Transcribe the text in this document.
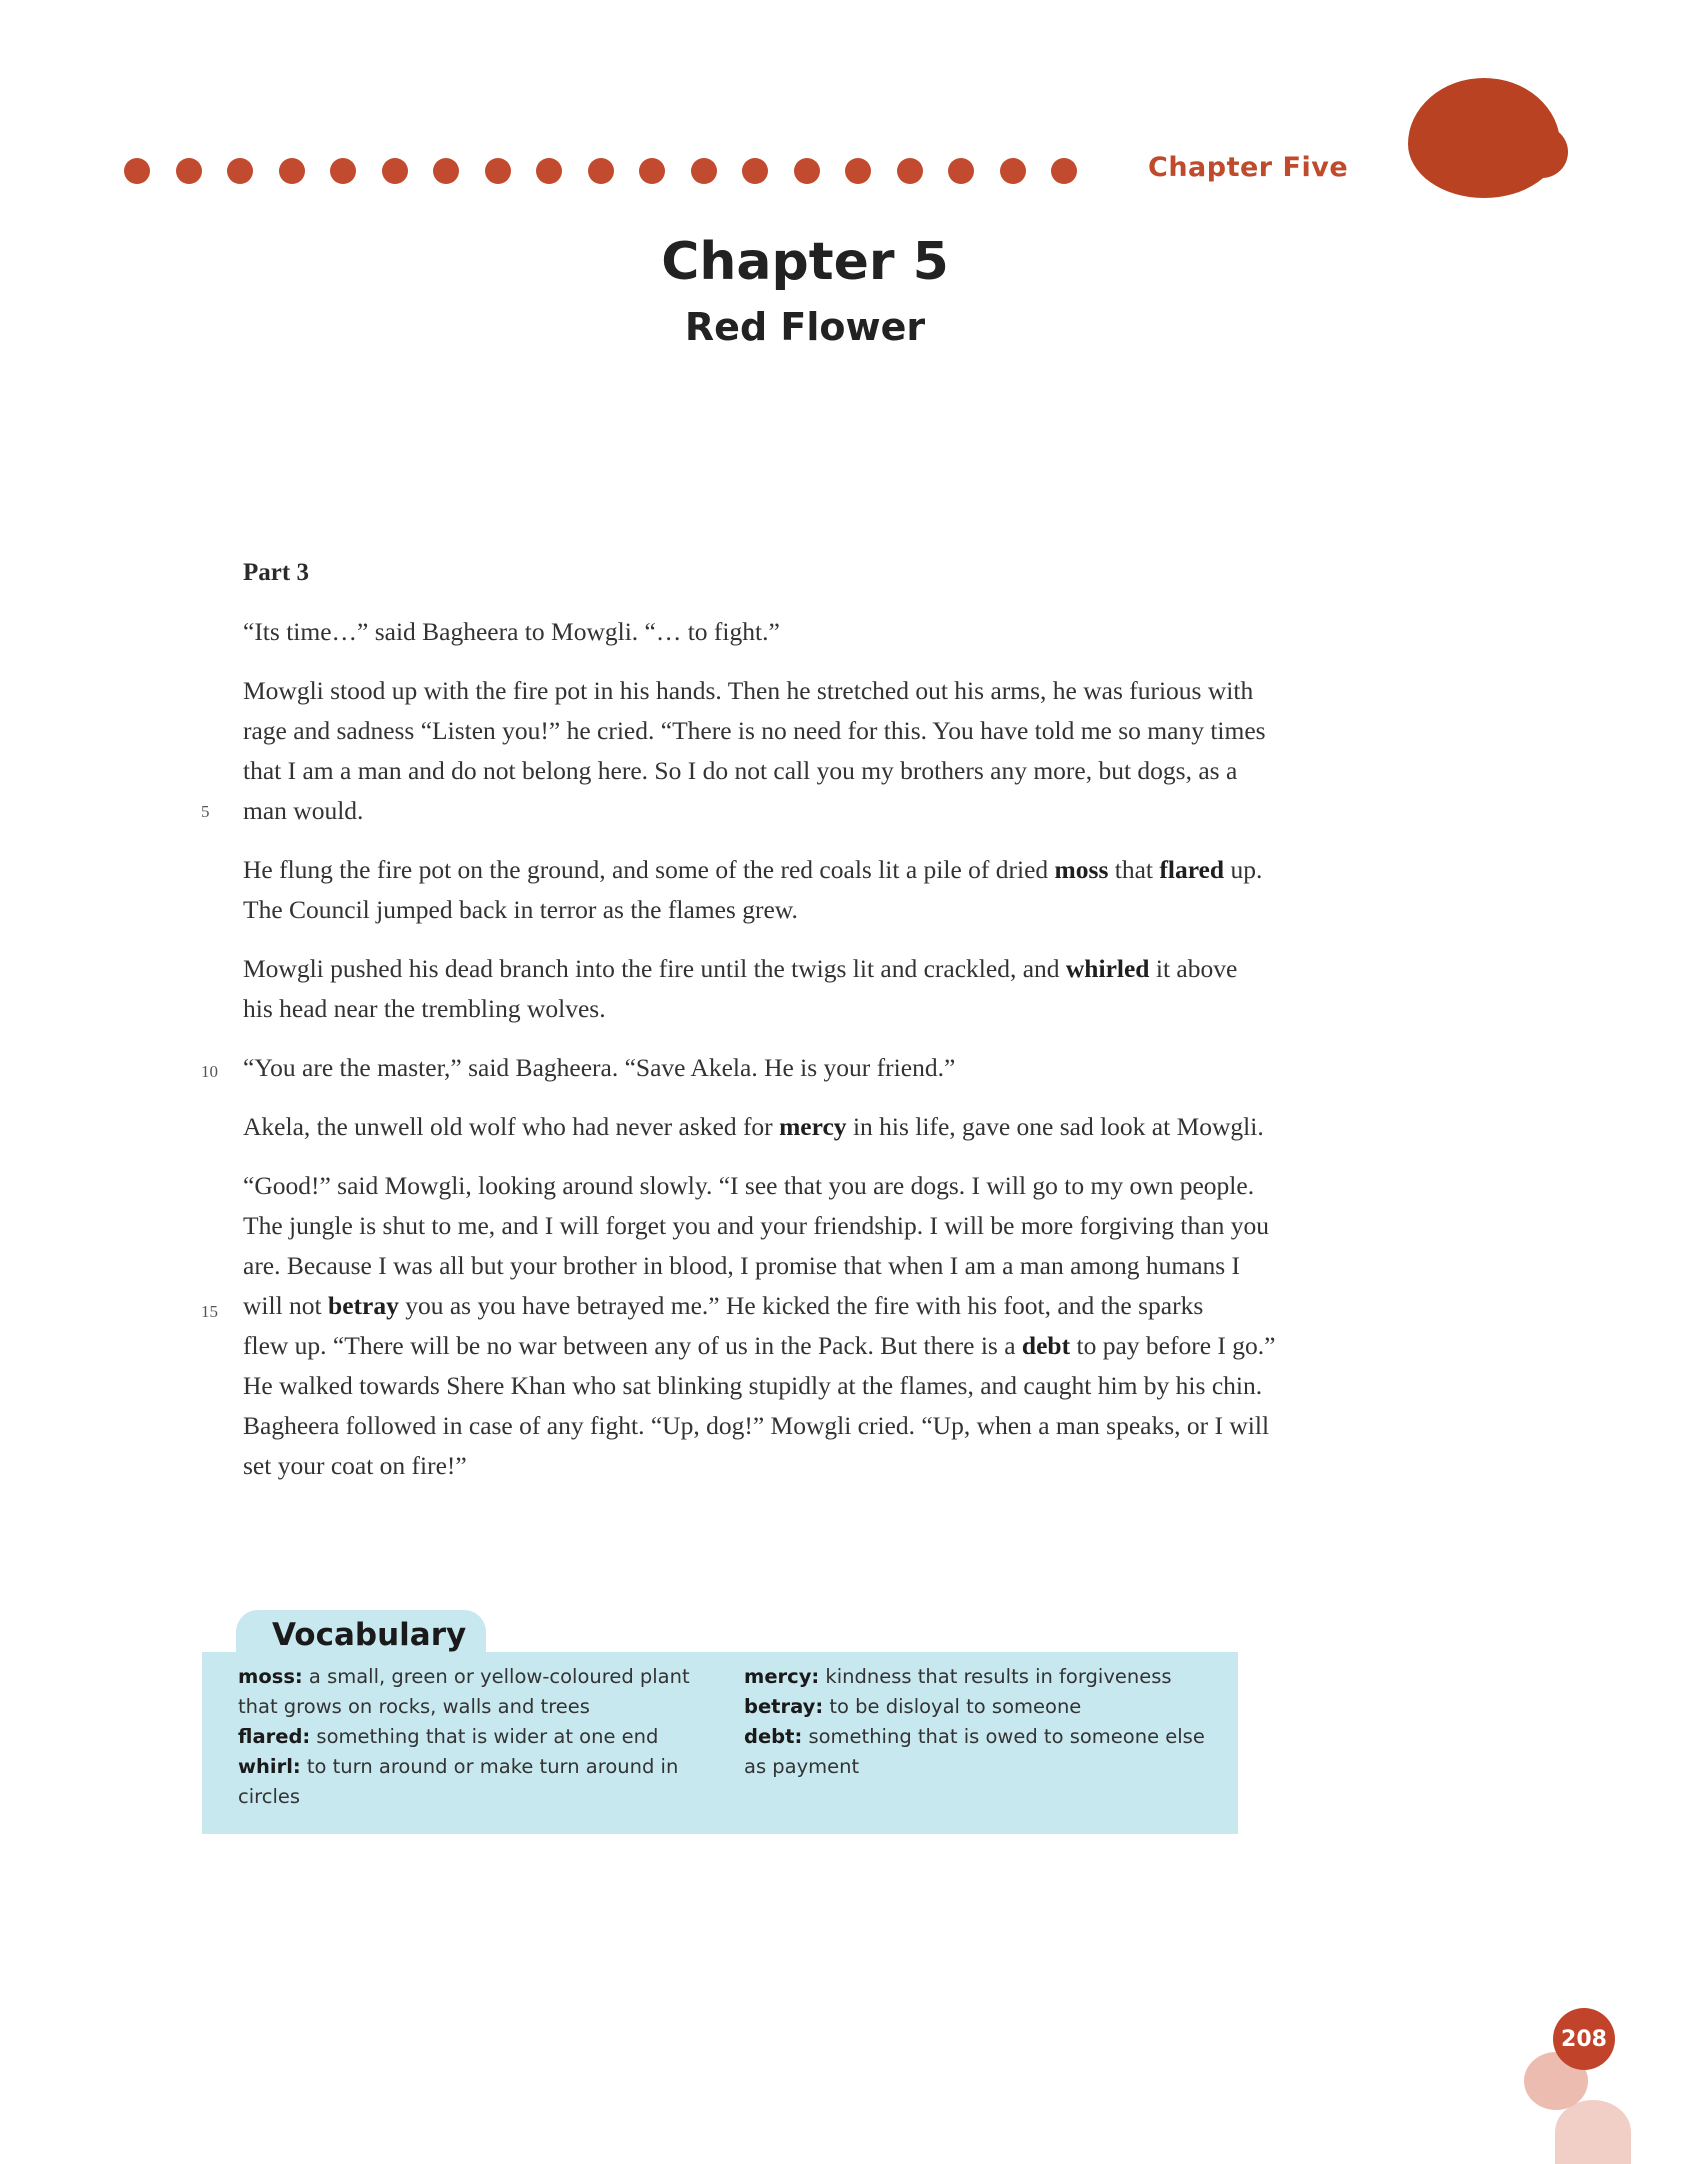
Chapter Five
Chapter 5
Red Flower
Part 3
5
10
15

“Its time…” said Bagheera to Mowgli. “… to fight.”

Mowgli stood up with the fire pot in his hands. Then he stretched out his arms, he was furious with
rage and sadness “Listen you!” he cried. “There is no need for this. You have told me so many times
that I am a man and do not belong here. So I do not call you my brothers any more, but dogs, as a
man would.

He flung the fire pot on the ground, and some of the red coals lit a pile of dried moss that flared up.
The Council jumped back in terror as the flames grew.

Mowgli pushed his dead branch into the fire until the twigs lit and crackled, and whirled it above
his head near the trembling wolves.

“You are the master,” said Bagheera. “Save Akela. He is your friend.”

Akela, the unwell old wolf who had never asked for mercy in his life, gave one sad look at Mowgli.

“Good!” said Mowgli, looking around slowly. “I see that you are dogs. I will go to my own people.
The jungle is shut to me, and I will forget you and your friendship. I will be more forgiving than you
are. Because I was all but your brother in blood, I promise that when I am a man among humans I
will not betray you as you have betrayed me.” He kicked the fire with his foot, and the sparks
flew up. “There will be no war between any of us in the Pack. But there is a debt to pay before I go.”
He walked towards Shere Khan who sat blinking stupidly at the flames, and caught him by his chin.
Bagheera followed in case of any fight. “Up, dog!” Mowgli cried. “Up, when a man speaks, or I will
set your coat on fire!”

Vocabulary
moss: a small, green or yellow-coloured plant
that grows on rocks, walls and trees
flared: something that is wider at one end
whirl: to turn around or make turn around in
circles
mercy: kindness that results in forgiveness
betray: to be disloyal to someone
debt: something that is owed to someone else
as payment
208
